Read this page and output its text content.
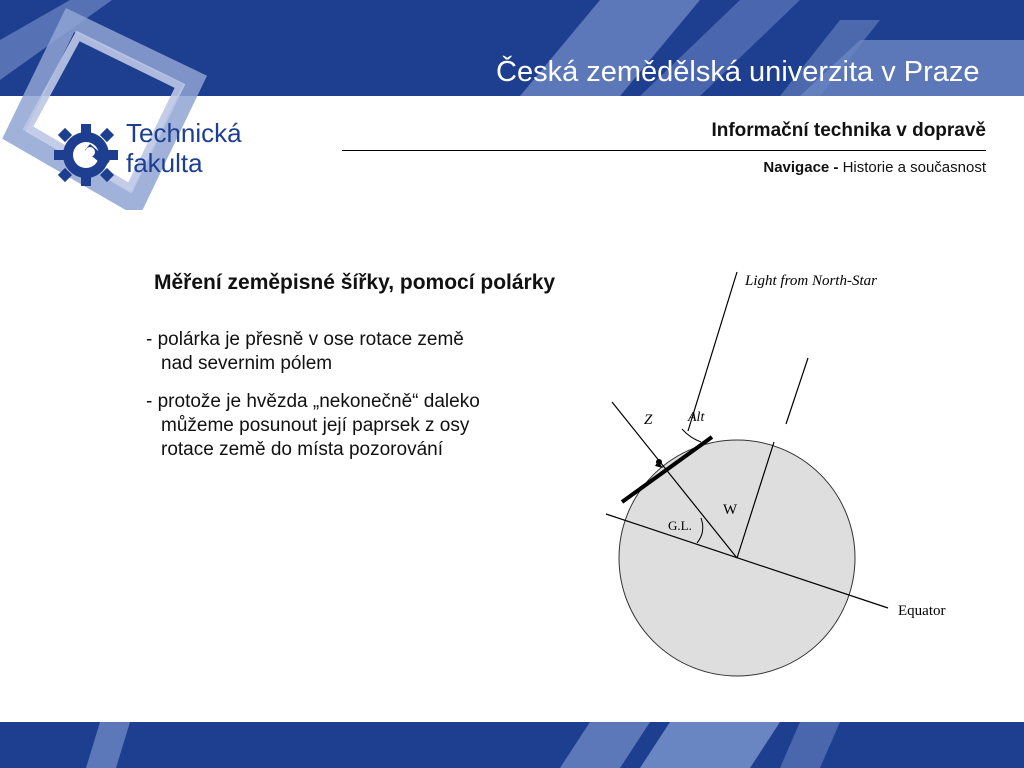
Česká zemědělská univerzita v Praze
Technická
fakulta
Informační technika v dopravě
Navigace - Historie a současnost
Měření zeměpisné šířky, pomocí polárky
- polárka je přesně v ose rotace země
nad severnim pólem
- protože je hvězda „nekonečně“ daleko
můžeme posunout její paprsek z osy
rotace země do místa pozorování
Light from North-Star
Z	Alt
W
G.L.
Equator
